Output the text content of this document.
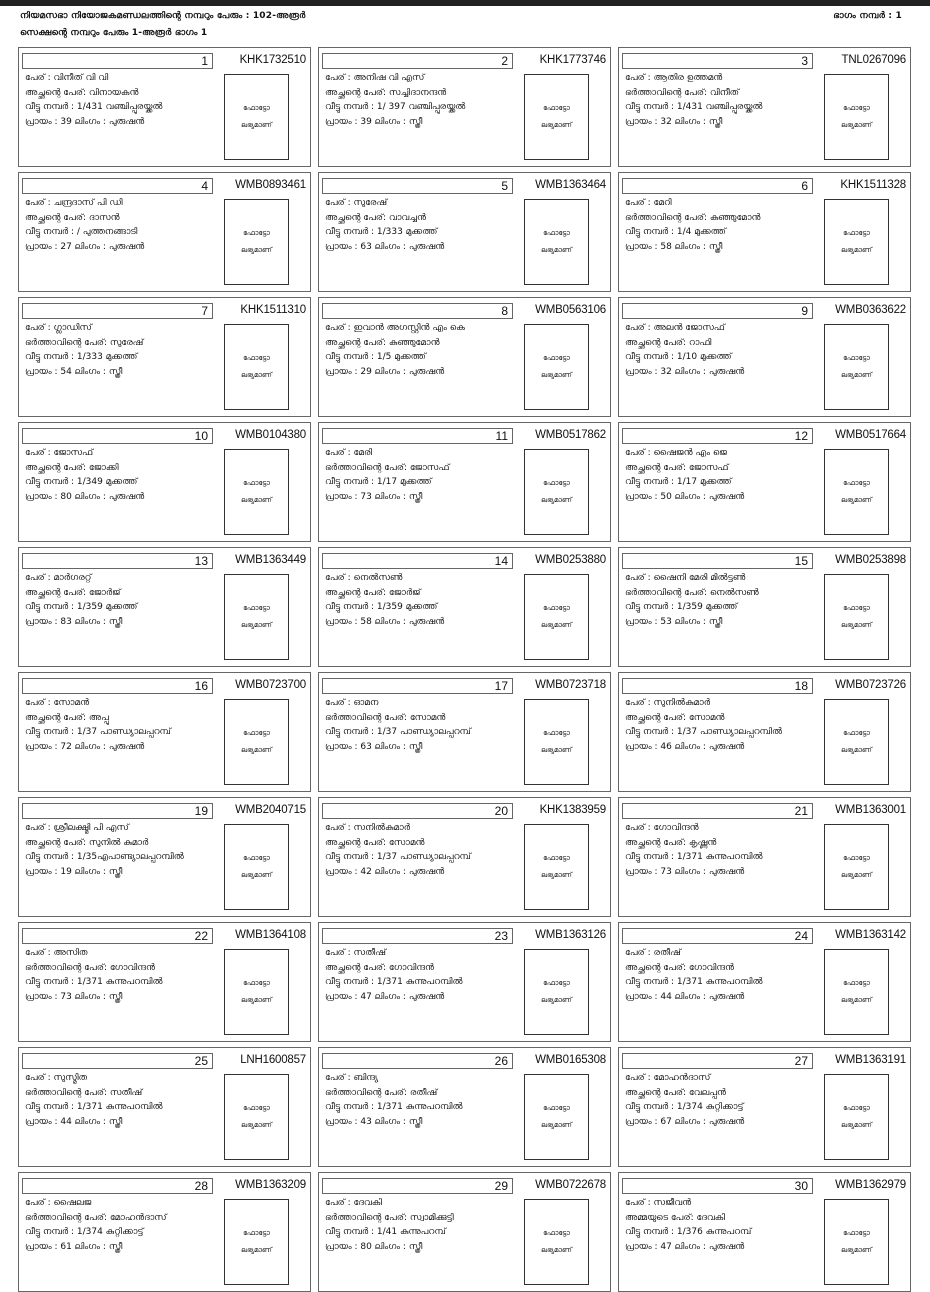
നിയമസഭാ നിയോജകമണ്ഡലത്തിന്റെ നമ്പറും പേരും : 102-അരൂർ	ഭാഗം നമ്പർ : 1
സെക്ഷന്റെ നമ്പറും പേരും 1-അരൂർ ഭാഗം 1
1	KHK1732510
പേര് : വിനീത് വി വി
അച്ഛന്റെ പേര്: വിനായകൻ
വീട്ടു നമ്പർ : 1/431 വഞ്ചിപ്പുരയ്ക്കൽ
പ്രായം : 39 ലിംഗം : പുരുഷൻ
ഫോട്ടോ
ലഭ്യമാണ്
2	KHK1773746
പേര് : അനിഷ വി എസ്
അച്ഛന്റെ പേര്: സച്ചിദാനന്ദൻ
വീട്ടു നമ്പർ : 1/ 397 വഞ്ചിപ്പുരയ്ക്കൽ
പ്രായം : 39 ലിംഗം : സ്ത്രീ
ഫോട്ടോ
ലഭ്യമാണ്
3	TNL0267096
പേര് : ആതിര ഉത്തമൻ
ഭർത്താവിന്റെ പേര്: വിനീത്
വീട്ടു നമ്പർ : 1/431 വഞ്ചിപ്പുരയ്ക്കൽ
പ്രായം : 32 ലിംഗം : സ്ത്രീ
ഫോട്ടോ
ലഭ്യമാണ്
4	WMB0893461
പേര് : ചന്ദ്രദാസ് പി ഡി
അച്ഛന്റെ പേര്: ദാസൻ
വീട്ടു നമ്പർ : / പുത്തനങ്ങാടി
പ്രായം : 27 ലിംഗം : പുരുഷൻ
ഫോട്ടോ
ലഭ്യമാണ്
5	WMB1363464
പേര് : സുരേഷ്
അച്ഛന്റെ പേര്: വാവച്ചൻ
വീട്ടു നമ്പർ : 1/333 മുക്കത്ത്
പ്രായം : 63 ലിംഗം : പുരുഷൻ
ഫോട്ടോ
ലഭ്യമാണ്
6	KHK1511328
പേര് : മേറി
ഭർത്താവിന്റെ പേര്: കുഞ്ഞുമോൻ
വീട്ടു നമ്പർ : 1/4 മുക്കത്ത്
പ്രായം : 58 ലിംഗം : സ്ത്രീ
ഫോട്ടോ
ലഭ്യമാണ്
7	KHK1511310
പേര് : ഗ്ലാഡിസ്
ഭർത്താവിന്റെ പേര്: സുരേഷ്
വീട്ടു നമ്പർ : 1/333 മുക്കത്ത്
പ്രായം : 54 ലിംഗം : സ്ത്രീ
ഫോട്ടോ
ലഭ്യമാണ്
8	WMB0563106
പേര് : ഇവാൻ അഗസ്റ്റിൻ എം കെ
അച്ഛന്റെ പേര്: കുഞ്ഞുമോൻ
വീട്ടു നമ്പർ : 1/5 മുക്കത്ത്
പ്രായം : 29 ലിംഗം : പുരുഷൻ
ഫോട്ടോ
ലഭ്യമാണ്
9	WMB0363622
പേര് : അലൻ ജോസഫ്
അച്ഛന്റെ പേര്: റാഫി
വീട്ടു നമ്പർ : 1/10 മുക്കത്ത്
പ്രായം : 32 ലിംഗം : പുരുഷൻ
ഫോട്ടോ
ലഭ്യമാണ്
10	WMB0104380
പേര് : ജോസഫ്
അച്ഛന്റെ പേര്: ജോക്കി
വീട്ടു നമ്പർ : 1/349 മുക്കത്ത്
പ്രായം : 80 ലിംഗം : പുരുഷൻ
ഫോട്ടോ
ലഭ്യമാണ്
11	WMB0517862
പേര് : മേരി
ഭർത്താവിന്റെ പേര്: ജോസഫ്
വീട്ടു നമ്പർ : 1/17 മുക്കത്ത്
പ്രായം : 73 ലിംഗം : സ്ത്രീ
ഫോട്ടോ
ലഭ്യമാണ്
12	WMB0517664
പേര് : ഷൈജൻ എം ജെ
അച്ഛന്റെ പേര്: ജോസഫ്
വീട്ടു നമ്പർ : 1/17 മുക്കത്ത്
പ്രായം : 50 ലിംഗം : പുരുഷൻ
ഫോട്ടോ
ലഭ്യമാണ്
13	WMB1363449
പേര് : മാർഗരറ്റ്
അച്ഛന്റെ പേര്: ജോർജ്
വീട്ടു നമ്പർ : 1/359 മുക്കത്ത്
പ്രായം : 83 ലിംഗം : സ്ത്രീ
ഫോട്ടോ
ലഭ്യമാണ്
14	WMB0253880
പേര് : നെൽസൺ
അച്ഛന്റെ പേര്: ജോർജ്
വീട്ടു നമ്പർ : 1/359 മുക്കത്ത്
പ്രായം : 58 ലിംഗം : പുരുഷൻ
ഫോട്ടോ
ലഭ്യമാണ്
15	WMB0253898
പേര് : ഷൈനി മേരി മിൽട്ടൺ
ഭർത്താവിന്റെ പേര്: നെൽസൺ
വീട്ടു നമ്പർ : 1/359 മുക്കത്ത്
പ്രായം : 53 ലിംഗം : സ്ത്രീ
ഫോട്ടോ
ലഭ്യമാണ്
16	WMB0723700
പേര് : സോമൻ
അച്ഛന്റെ പേര്: അപ്പു
വീട്ടു നമ്പർ : 1/37 പാണ്ഡ്യാലപ്പറമ്പ്
പ്രായം : 72 ലിംഗം : പുരുഷൻ
ഫോട്ടോ
ലഭ്യമാണ്
17	WMB0723718
പേര് : ഓമന
ഭർത്താവിന്റെ പേര്: സോമൻ
വീട്ടു നമ്പർ : 1/37 പാണ്ഡ്യാലപ്പറമ്പ്
പ്രായം : 63 ലിംഗം : സ്ത്രീ
ഫോട്ടോ
ലഭ്യമാണ്
18	WMB0723726
പേര് : സുനിൽകുമാർ
അച്ഛന്റെ പേര്: സോമൻ
വീട്ടു നമ്പർ : 1/37 പാണ്ഡ്യാലപ്പറമ്പിൽ
പ്രായം : 46 ലിംഗം : പുരുഷൻ
ഫോട്ടോ
ലഭ്യമാണ്
19	WMB2040715
പേര് : ശ്രീലക്ഷ്മി പി എസ്
അച്ഛന്റെ പേര്: സുനിൽ കുമാർ
വീട്ടു നമ്പർ : 1/35എപാണ്ട്യാലപ്പറമ്പിൽ
പ്രായം : 19 ലിംഗം : സ്ത്രീ
ഫോട്ടോ
ലഭ്യമാണ്
20	KHK1383959
പേര് : സനിൽകുമാർ
അച്ഛന്റെ പേര്: സോമൻ
വീട്ടു നമ്പർ : 1/37 പാണ്ഡ്യാലപ്പറമ്പ്
പ്രായം : 42 ലിംഗം : പുരുഷൻ
ഫോട്ടോ
ലഭ്യമാണ്
21	WMB1363001
പേര് : ഗോവിന്ദൻ
അച്ഛന്റെ പേര്: കൃഷ്ണൻ
വീട്ടു നമ്പർ : 1/371 കുന്നുപറമ്പിൽ
പ്രായം : 73 ലിംഗം : പുരുഷൻ
ഫോട്ടോ
ലഭ്യമാണ്
22	WMB1364108
പേര് : അസിത
ഭർത്താവിന്റെ പേര്: ഗോവിന്ദൻ
വീട്ടു നമ്പർ : 1/371 കുന്നുപറമ്പിൽ
പ്രായം : 73 ലിംഗം : സ്ത്രീ
ഫോട്ടോ
ലഭ്യമാണ്
23	WMB1363126
പേര് : സതീഷ്
അച്ഛന്റെ പേര്: ഗോവിന്ദൻ
വീട്ടു നമ്പർ : 1/371 കുന്നുപറമ്പിൽ
പ്രായം : 47 ലിംഗം : പുരുഷൻ
ഫോട്ടോ
ലഭ്യമാണ്
24	WMB1363142
പേര് : രതീഷ്
അച്ഛന്റെ പേര്: ഗോവിന്ദൻ
വീട്ടു നമ്പർ : 1/371 കുന്നുപറമ്പിൽ
പ്രായം : 44 ലിംഗം : പുരുഷൻ
ഫോട്ടോ
ലഭ്യമാണ്
25	LNH1600857
പേര് : സുസ്മിത
ഭർത്താവിന്റെ പേര്: സതീഷ്
വീട്ടു നമ്പർ : 1/371 കുന്നുപറമ്പിൽ
പ്രായം : 44 ലിംഗം : സ്ത്രീ
ഫോട്ടോ
ലഭ്യമാണ്
26	WMB0165308
പേര് : ബിന്ദ്യ
ഭർത്താവിന്റെ പേര്: രതീഷ്
വീട്ടു നമ്പർ : 1/371 കുന്നുപറമ്പിൽ
പ്രായം : 43 ലിംഗം : സ്ത്രീ
ഫോട്ടോ
ലഭ്യമാണ്
27	WMB1363191
പേര് : മോഹൻദാസ്
അച്ഛന്റെ പേര്: വേലപ്പൻ
വീട്ടു നമ്പർ : 1/374 കുറ്റിക്കാട്ട്
പ്രായം : 67 ലിംഗം : പുരുഷൻ
ഫോട്ടോ
ലഭ്യമാണ്
28	WMB1363209
പേര് : ഷൈലജ
ഭർത്താവിന്റെ പേര്: മോഹൻദാസ്
വീട്ടു നമ്പർ : 1/374 കുറ്റിക്കാട്ട്
പ്രായം : 61 ലിംഗം : സ്ത്രീ
ഫോട്ടോ
ലഭ്യമാണ്
29	WMB0722678
പേര് : ദേവകി
ഭർത്താവിന്റെ പേര്: സ്വാമിക്കുട്ടി
വീട്ടു നമ്പർ : 1/41 കുന്നുപറമ്പ്
പ്രായം : 80 ലിംഗം : സ്ത്രീ
ഫോട്ടോ
ലഭ്യമാണ്
30	WMB1362979
പേര് : സജീവൻ
അമ്മയുടെ പേര്: ദേവകി
വീട്ടു നമ്പർ : 1/376 കുന്നുപറമ്പ്
പ്രായം : 47 ലിംഗം : പുരുഷൻ
ഫോട്ടോ
ലഭ്യമാണ്
